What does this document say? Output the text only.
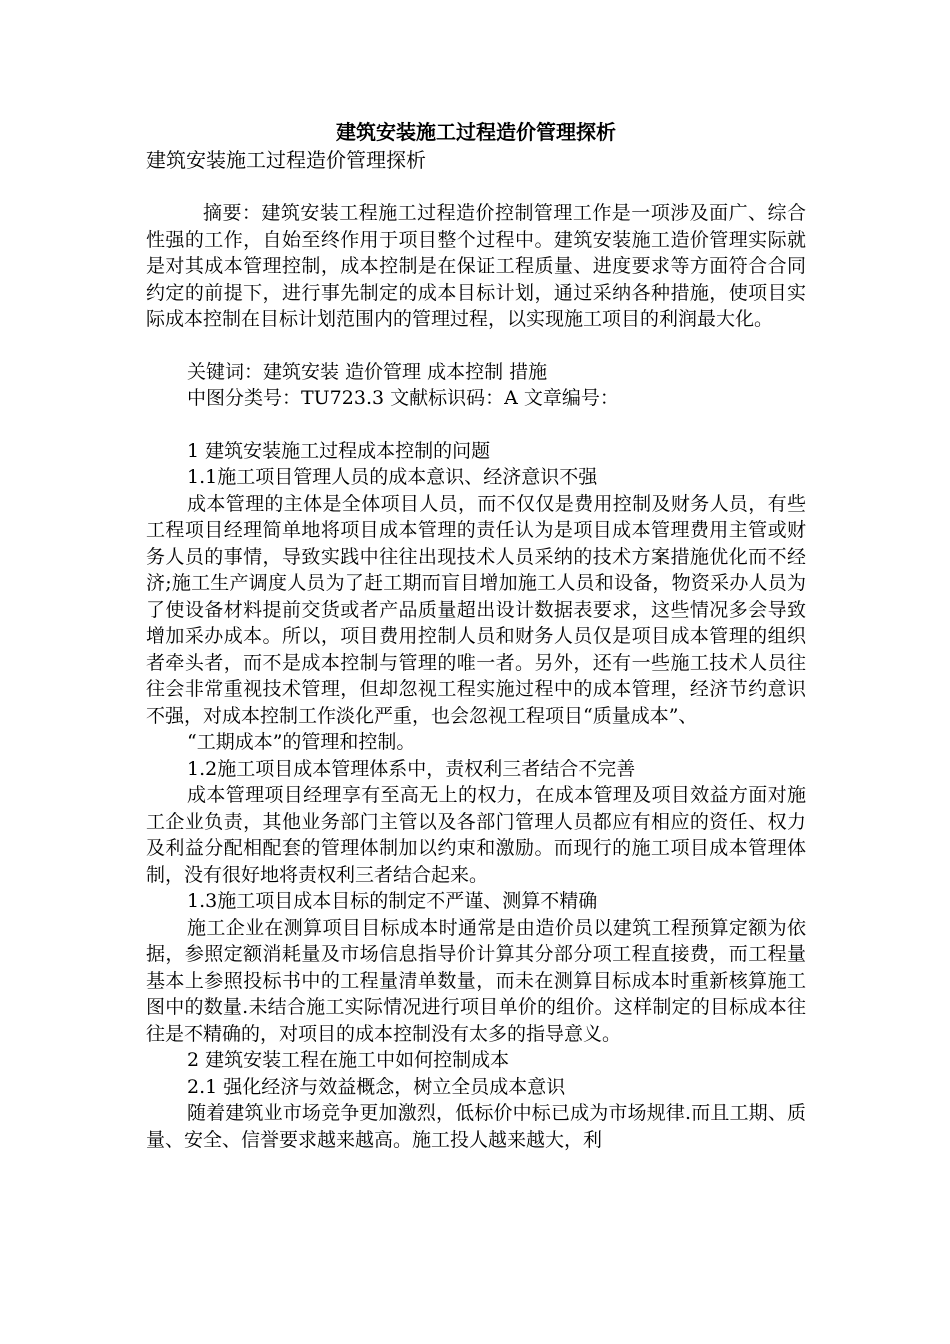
建筑安装施工过程造价管理探析
建筑安装施工过程造价管理探析

摘要：建筑安装工程施工过程造价控制管理工作是一项涉及面广、综合性强的工作，自始至终作用于项目整个过程中。建筑安装施工造价管理实际就是对其成本管理控制，成本控制是在保证工程质量、进度要求等方面符合合同约定的前提下，进行事先制定的成本目标计划，通过采纳各种措施，使项目实际成本控制在目标计划范围内的管理过程，以实现施工项目的利润最大化。

关键词：建筑安装 造价管理 成本控制 措施

中图分类号：TU723.3 文献标识码：A 文章编号：

1 建筑安装施工过程成本控制的问题

1.1施工项目管理人员的成本意识、经济意识不强

成本管理的主体是全体项目人员，而不仅仅是费用控制及财务人员，有些工程项目经理简单地将项目成本管理的责任认为是项目成本管理费用主管或财务人员的事情，导致实践中往往出现技术人员采纳的技术方案措施优化而不经济;施工生产调度人员为了赶工期而盲目增加施工人员和设备，物资采办人员为了使设备材料提前交货或者产品质量超出设计数据表要求，这些情况多会导致增加采办成本。所以，项目费用控制人员和财务人员仅是项目成本管理的组织者牵头者，而不是成本控制与管理的唯一者。另外，还有一些施工技术人员往往会非常重视技术管理，但却忽视工程实施过程中的成本管理，经济节约意识不强，对成本控制工作淡化严重，也会忽视工程项目“质量成本”、

“工期成本”的管理和控制。

1.2施工项目成本管理体系中，责权利三者结合不完善

成本管理项目经理享有至高无上的权力，在成本管理及项目效益方面对施工企业负责，其他业务部门主管以及各部门管理人员都应有相应的资任、权力及利益分配相配套的管理体制加以约束和激励。而现行的施工项目成本管理体制，没有很好地将责权利三者结合起来。

1.3施工项目成本目标的制定不严谨、测算不精确

施工企业在测算项目目标成本时通常是由造价员以建筑工程预算定额为依据，参照定额消耗量及市场信息指导价计算其分部分项工程直接费，而工程量基本上参照投标书中的工程量清单数量，而未在测算目标成本时重新核算施工图中的数量.未结合施工实际情况进行项目单价的组价。这样制定的目标成本往往是不精确的，对项目的成本控制没有太多的指导意义。

2 建筑安装工程在施工中如何控制成本

2.1 强化经济与效益概念，树立全员成本意识

随着建筑业市场竞争更加激烈，低标价中标已成为市场规律.而且工期、质量、安全、信誉要求越来越高。施工投人越来越大，利
